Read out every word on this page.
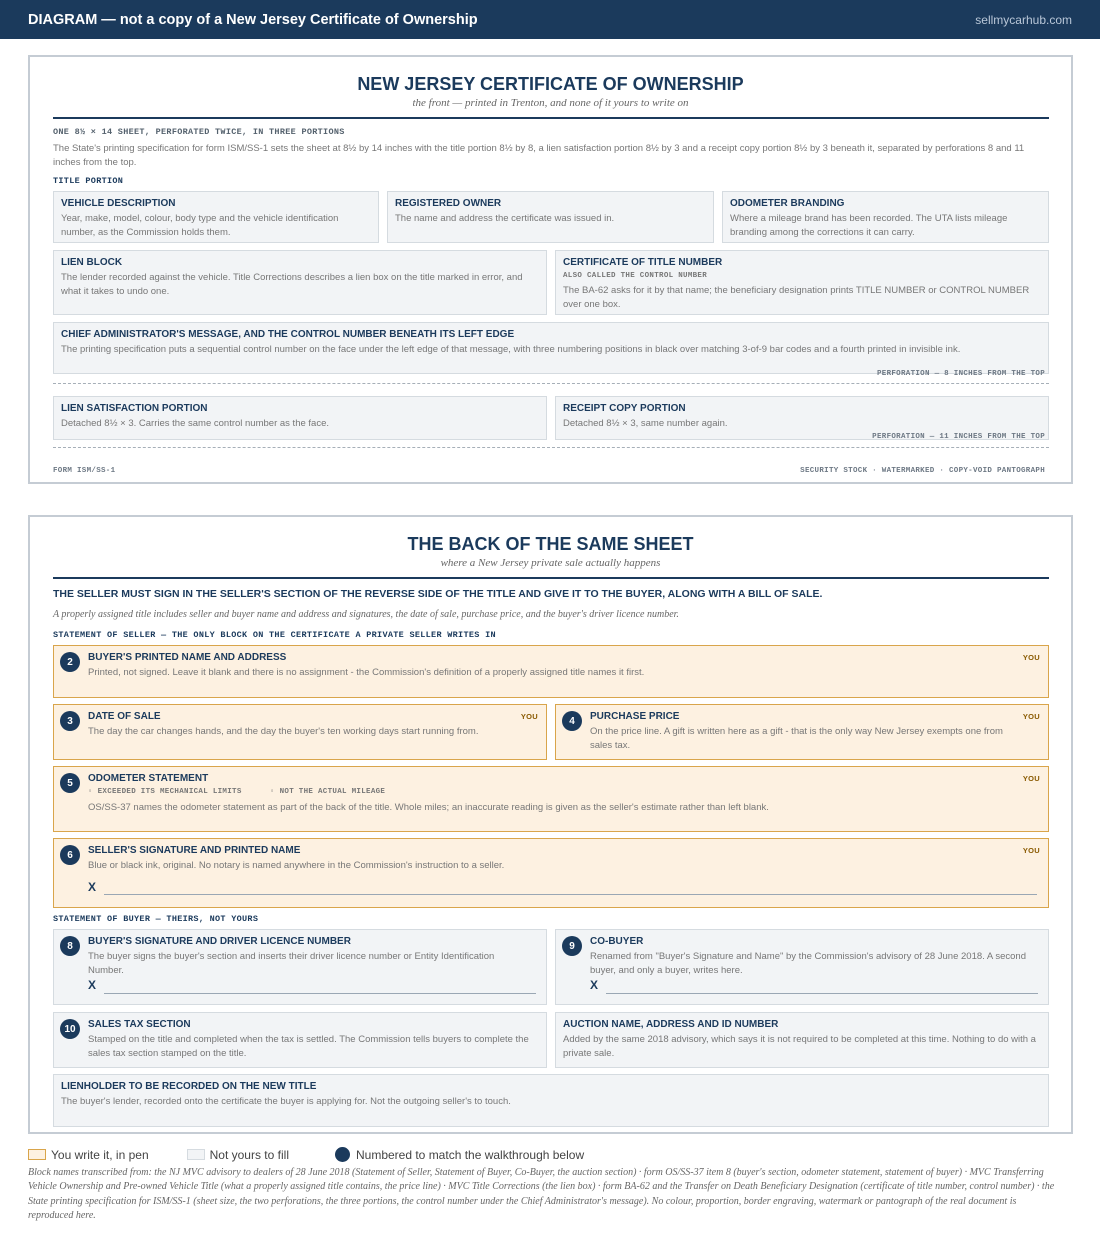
DIAGRAM — not a copy of a New Jersey Certificate of Ownership	sellmycarhub.com
NEW JERSEY CERTIFICATE OF OWNERSHIP
the front — printed in Trenton, and none of it yours to write on
ONE 8½ × 14 SHEET, PERFORATED TWICE, IN THREE PORTIONS
The State's printing specification for form ISM/SS-1 sets the sheet at 8½ by 14 inches with the title portion 8½ by 8, a lien satisfaction portion 8½ by 3 and a receipt copy portion 8½ by 3 beneath it, separated by perforations 8 and 11 inches from the top.
TITLE PORTION
VEHICLE DESCRIPTION
Year, make, model, colour, body type and the vehicle identification number, as the Commission holds them.
REGISTERED OWNER
The name and address the certificate was issued in.
ODOMETER BRANDING
Where a mileage brand has been recorded. The UTA lists mileage branding among the corrections it can carry.
LIEN BLOCK
The lender recorded against the vehicle. Title Corrections describes a lien box on the title marked in error, and what it takes to undo one.
CERTIFICATE OF TITLE NUMBER
ALSO CALLED THE CONTROL NUMBER
The BA-62 asks for it by that name; the beneficiary designation prints TITLE NUMBER or CONTROL NUMBER over one box.
CHIEF ADMINISTRATOR'S MESSAGE, AND THE CONTROL NUMBER BENEATH ITS LEFT EDGE
The printing specification puts a sequential control number on the face under the left edge of that message, with three numbering positions in black over matching 3-of-9 bar codes and a fourth printed in invisible ink.
PERFORATION — 8 INCHES FROM THE TOP
LIEN SATISFACTION PORTION
Detached 8½ × 3. Carries the same control number as the face.
RECEIPT COPY PORTION
Detached 8½ × 3, same number again.
PERFORATION — 11 INCHES FROM THE TOP
FORM ISM/SS-1	SECURITY STOCK · WATERMARKED · COPY-VOID PANTOGRAPH
THE BACK OF THE SAME SHEET
where a New Jersey private sale actually happens
THE SELLER MUST SIGN IN THE SELLER'S SECTION OF THE REVERSE SIDE OF THE TITLE AND GIVE IT TO THE BUYER, ALONG WITH A BILL OF SALE.
A properly assigned title includes seller and buyer name and address and signatures, the date of sale, purchase price, and the buyer's driver licence number.
STATEMENT OF SELLER — THE ONLY BLOCK ON THE CERTIFICATE A PRIVATE SELLER WRITES IN
2	BUYER'S PRINTED NAME AND ADDRESS
Printed, not signed. Leave it blank and there is no assignment - the Commission's definition of a properly assigned title names it first.
YOU
3	DATE OF SALE
The day the car changes hands, and the day the buyer's ten working days start running from.
YOU	4	PURCHASE PRICE
On the price line. A gift is written here as a gift - that is the only way New Jersey exempts one from sales tax.
YOU
5	ODOMETER STATEMENT
▫ EXCEEDED ITS MECHANICAL LIMITS	▫ NOT THE ACTUAL MILEAGE
OS/SS-37 names the odometer statement as part of the back of the title. Whole miles; an inaccurate reading is given as the seller's estimate rather than left blank.
YOU
6	SELLER'S SIGNATURE AND PRINTED NAME
Blue or black ink, original. No notary is named anywhere in the Commission's instruction to a seller.
YOU
X
STATEMENT OF BUYER — THEIRS, NOT YOURS
8	BUYER'S SIGNATURE AND DRIVER LICENCE NUMBER
The buyer signs the buyer's section and inserts their driver licence number or Entity Identification Number.
X
9	CO-BUYER
Renamed from "Buyer's Signature and Name" by the Commission's advisory of 28 June 2018. A second buyer, and only a buyer, writes here.
X
10	SALES TAX SECTION
Stamped on the title and completed when the tax is settled. The Commission tells buyers to complete the sales tax section stamped on the title.
AUCTION NAME, ADDRESS AND ID NUMBER
Added by the same 2018 advisory, which says it is not required to be completed at this time. Nothing to do with a private sale.
LIENHOLDER TO BE RECORDED ON THE NEW TITLE
The buyer's lender, recorded onto the certificate the buyer is applying for. Not the outgoing seller's to touch.
You write it, in pen	Not yours to fill	Numbered to match the walkthrough below
Block names transcribed from: the NJ MVC advisory to dealers of 28 June 2018 (Statement of Seller, Statement of Buyer, Co-Buyer, the auction section) · form OS/SS-37 item 8 (buyer's section, odometer statement, statement of buyer) · MVC Transferring Vehicle Ownership and Pre-owned Vehicle Title (what a properly assigned title contains, the price line) · MVC Title Corrections (the lien box) · form BA-62 and the Transfer on Death Beneficiary Designation (certificate of title number, control number) · the State printing specification for ISM/SS-1 (sheet size, the two perforations, the three portions, the control number under the Chief Administrator's message). No colour, proportion, border engraving, watermark or pantograph of the real document is reproduced here.
